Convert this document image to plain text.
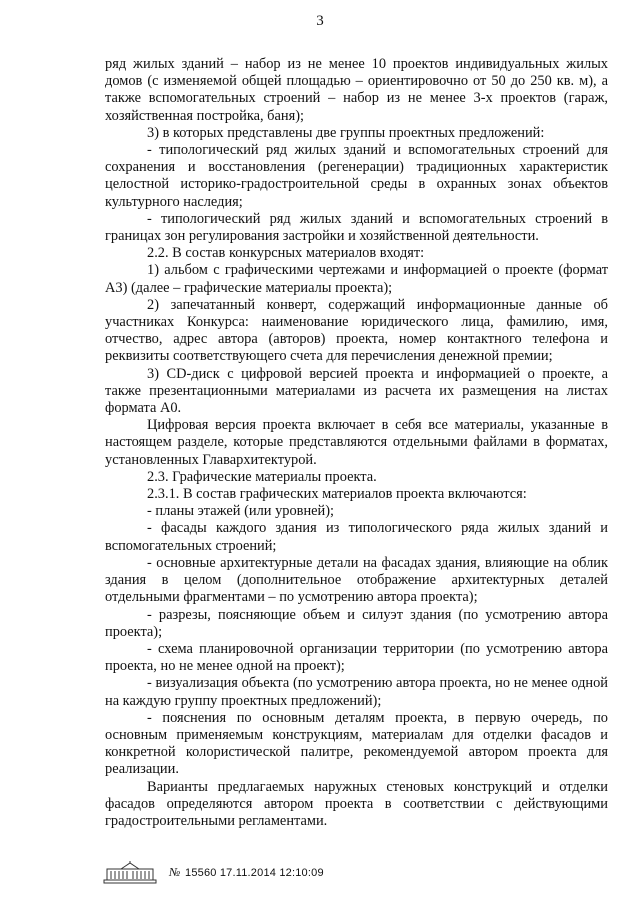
3

ряд жилых зданий – набор из не менее 10 проектов индивидуальных жилых домов (с изменяемой общей площадью – ориентировочно от 50 до 250 кв. м), а также вспомогательных строений – набор из не менее 3-х проектов (гараж, хозяйственная постройка, баня);

3) в которых представлены две группы проектных предложений:

- типологический ряд жилых зданий и вспомогательных строений для сохранения и восстановления (регенерации) традиционных характеристик целостной историко-градостроительной среды в охранных зонах объектов культурного наследия;

- типологический ряд жилых зданий и вспомогательных строений в границах зон регулирования застройки и хозяйственной деятельности.

2.2. В состав конкурсных материалов входят:

1) альбом с графическими чертежами и информацией о проекте (формат А3) (далее – графические материалы проекта);

2) запечатанный конверт, содержащий информационные данные об участниках Конкурса: наименование юридического лица, фамилию, имя, отчество, адрес автора (авторов) проекта, номер контактного телефона и реквизиты соответствующего счета для перечисления денежной премии;

3) CD-диск с цифровой версией проекта и информацией о проекте, а также презентационными материалами из расчета их размещения на листах формата А0.

Цифровая версия проекта включает в себя все материалы, указанные в настоящем разделе, которые представляются отдельными файлами в форматах, установленных Главархитектурой.

2.3. Графические материалы проекта.

2.3.1. В состав графических материалов проекта включаются:

- планы этажей (или уровней);

- фасады каждого здания из типологического ряда жилых зданий и вспомогательных строений;

- основные архитектурные детали на фасадах здания, влияющие на облик здания в целом (дополнительное отображение архитектурных деталей отдельными фрагментами – по усмотрению автора проекта);

- разрезы, поясняющие объем и силуэт здания (по усмотрению автора проекта);

- схема планировочной организации территории (по усмотрению автора проекта, но не менее одной на проект);

- визуализация объекта (по усмотрению автора проекта, но не менее одной на каждую группу проектных предложений);

- пояснения по основным деталям проекта, в первую очередь, по основным применяемым конструкциям, материалам для отделки фасадов и конкретной колористической палитре, рекомендуемой автором проекта для реализации.

Варианты предлагаемых наружных стеновых конструкций и отделки фасадов определяются автором проекта в соответствии с действующими градостроительными регламентами.

№ 15560 17.11.2014 12:10:09
